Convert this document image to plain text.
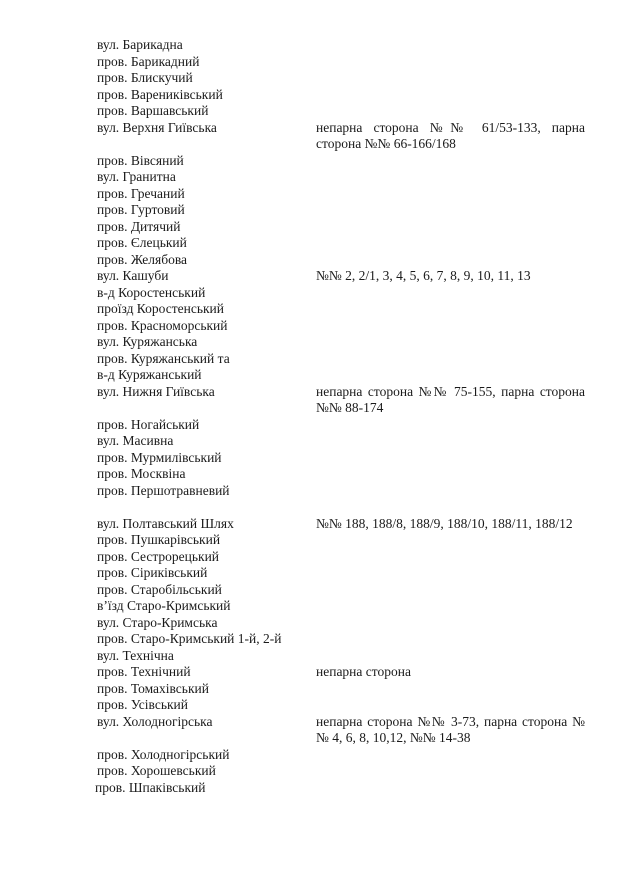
вул. Барикадна
пров. Барикадний
пров. Блискучий
пров. Варениківський
пров. Варшавський
вул. Верхня Гиївська	непарна сторона №№ 61/53-133, парна сторона №№ 66-166/168
пров. Вівсяний
вул. Гранитна
пров. Гречаний
пров. Гуртовий
пров. Дитячий
пров. Єлецький
пров. Желябова
вул. Кашуби	№№ 2, 2/1, 3, 4, 5, 6, 7, 8, 9, 10, 11, 13
в-д Коростенський
проїзд Коростенський
пров. Красноморський
вул. Куряжанська
пров. Куряжанський та
в-д Куряжанський
вул. Нижня Гиївська	непарна сторона №№ 75-155, парна сторона №№ 88-174
пров. Ногайський
вул. Масивна
пров. Мурмилівський
пров. Москвіна
пров. Першотравневий
вул. Полтавський Шлях	№№ 188, 188/8, 188/9, 188/10, 188/11, 188/12
пров. Пушкарівський
пров. Сестрорецький
пров. Сіриківський
пров. Старобільський
в’їзд Старо-Кримський
вул. Старо-Кримська
пров. Старо-Кримський 1-й, 2-й
вул. Технічна
пров. Технічний	непарна сторона
пров. Томахівський
пров. Усівський
вул. Холодногірська	непарна сторона №№ 3-73, парна сторона №№ 4, 6, 8, 10,12, №№ 14-38
пров. Холодногірський
пров. Хорошевський
пров. Шпаківський
